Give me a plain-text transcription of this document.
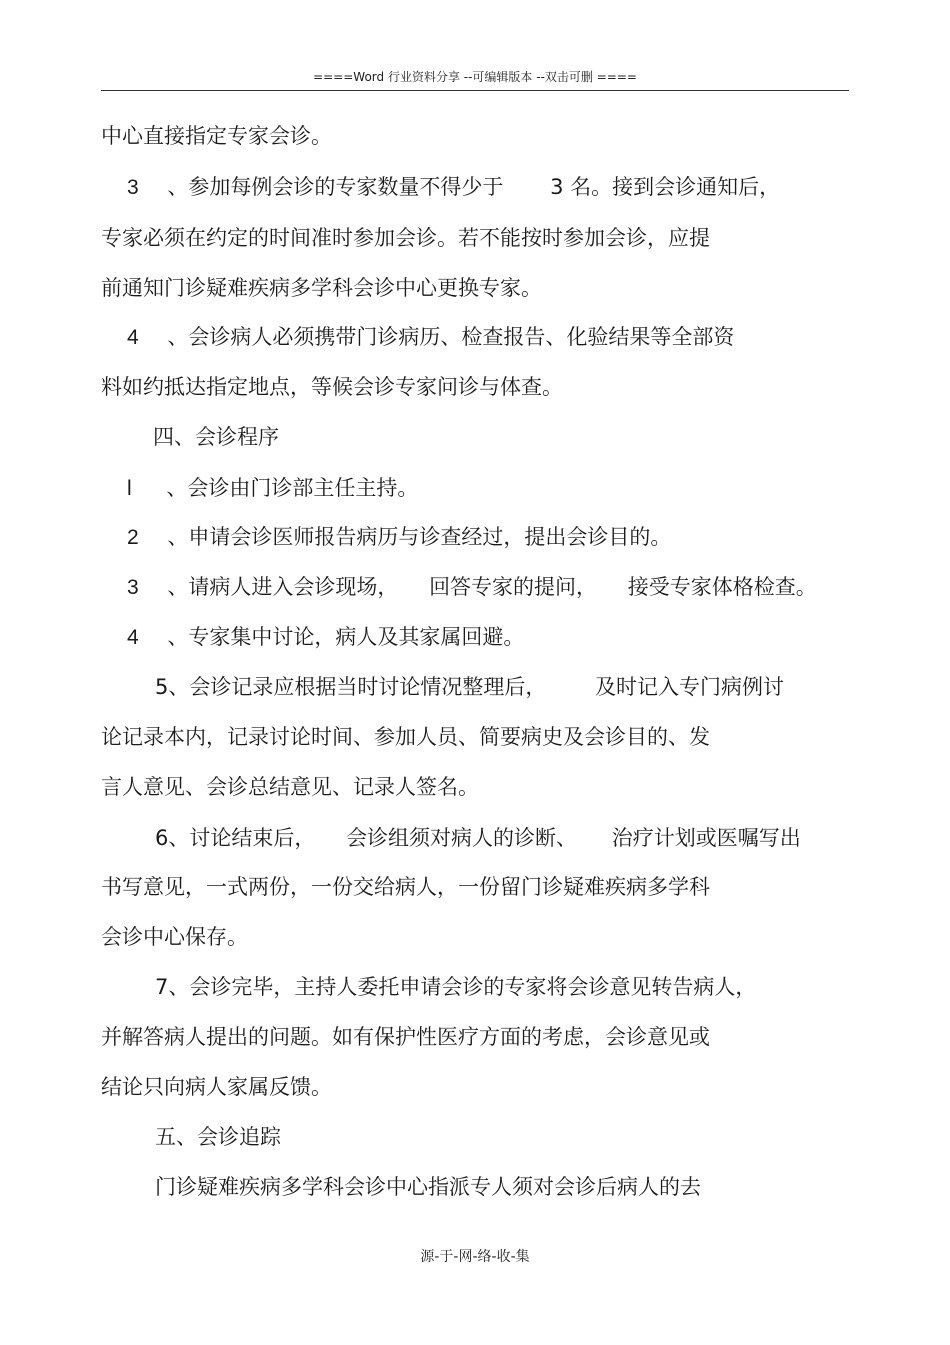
====Word 行业资料分享 --可编辑版本 --双击可删 ====
中心直接指定专家会诊。
3 、参加每例会诊的专家数量不得少于 3 名。接到会诊通知后，
专家必须在约定的时间准时参加会诊。若不能按时参加会诊，应提
前通知门诊疑难疾病多学科会诊中心更换专家。
4 、会诊病人必须携带门诊病历、检查报告、化验结果等全部资
料如约抵达指定地点，等候会诊专家问诊与体查。
四、会诊程序
l 、会诊由门诊部主任主持。
2 、申请会诊医师报告病历与诊查经过，提出会诊目的。
3 、请病人进入会诊现场， 回答专家的提问， 接受专家体格检查。
4 、专家集中讨论，病人及其家属回避。
5、会诊记录应根据当时讨论情况整理后， 及时记入专门病例讨
论记录本内，记录讨论时间、参加人员、简要病史及会诊目的、发
言人意见、会诊总结意见、记录人签名。
6、讨论结束后， 会诊组须对病人的诊断、 治疗计划或医嘱写出
书写意见，一式两份，一份交给病人，一份留门诊疑难疾病多学科
会诊中心保存。
7、会诊完毕，主持人委托申请会诊的专家将会诊意见转告病人，
并解答病人提出的问题。如有保护性医疗方面的考虑，会诊意见或
结论只向病人家属反馈。
五、会诊追踪
门诊疑难疾病多学科会诊中心指派专人须对会诊后病人的去
源-于-网-络-收-集
